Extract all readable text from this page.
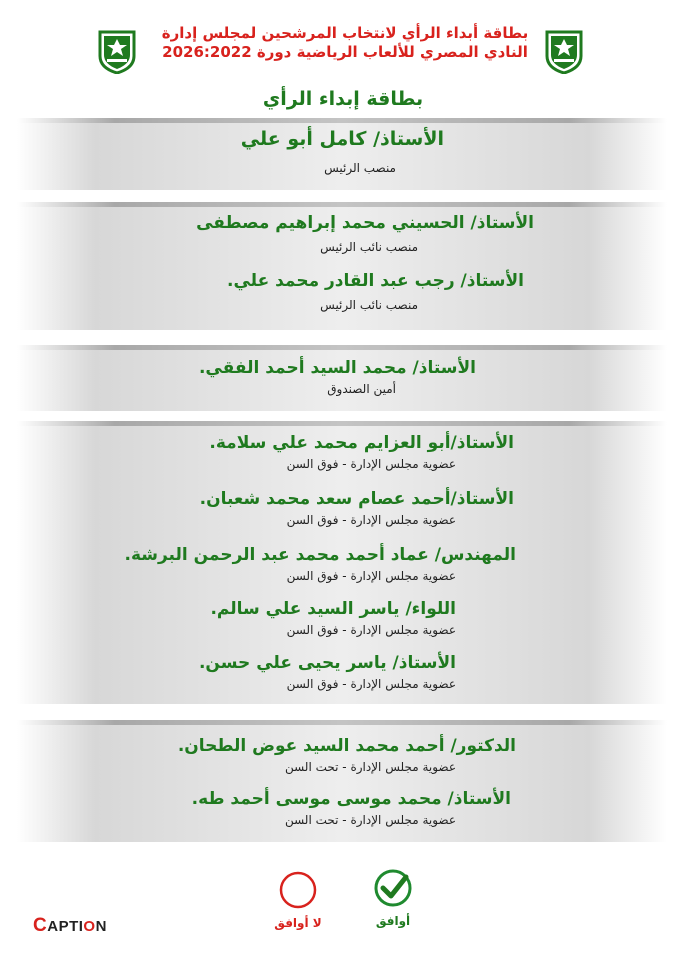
بطاقة أبداء الرأي لانتخاب المرشحين لمجلس إدارة
النادي المصري للألعاب الرياضية دورة 2026:2022
بطاقة إبداء الرأي
الأستاذ/ كامل أبو علي
منصب الرئيس
الأستاذ/ الحسيني محمد إبراهيم مصطفى
منصب نائب الرئيس
الأستاذ/ رجب عبد القادر محمد علي.
منصب نائب الرئيس
الأستاذ/ محمد السيد أحمد الفقي.
أمين الصندوق
الأستاذ/أبو العزايم محمد علي سلامة.
عضوية مجلس الإدارة - فوق السن
الأستاذ/أحمد عصام سعد محمد شعبان.
عضوية مجلس الإدارة - فوق السن
المهندس/ عماد أحمد محمد عبد الرحمن البرشة.
عضوية مجلس الإدارة - فوق السن
اللواء/ ياسر السيد علي سالم.
عضوية مجلس الإدارة - فوق السن
الأستاذ/ ياسر يحيى علي حسن.
عضوية مجلس الإدارة - فوق السن
الدكتور/ أحمد محمد السيد عوض الطحان.
عضوية مجلس الإدارة - تحت السن
الأستاذ/ محمد موسى موسى أحمد طه.
عضوية مجلس الإدارة - تحت السن
أوافق
لا أوافق
CAPTION
